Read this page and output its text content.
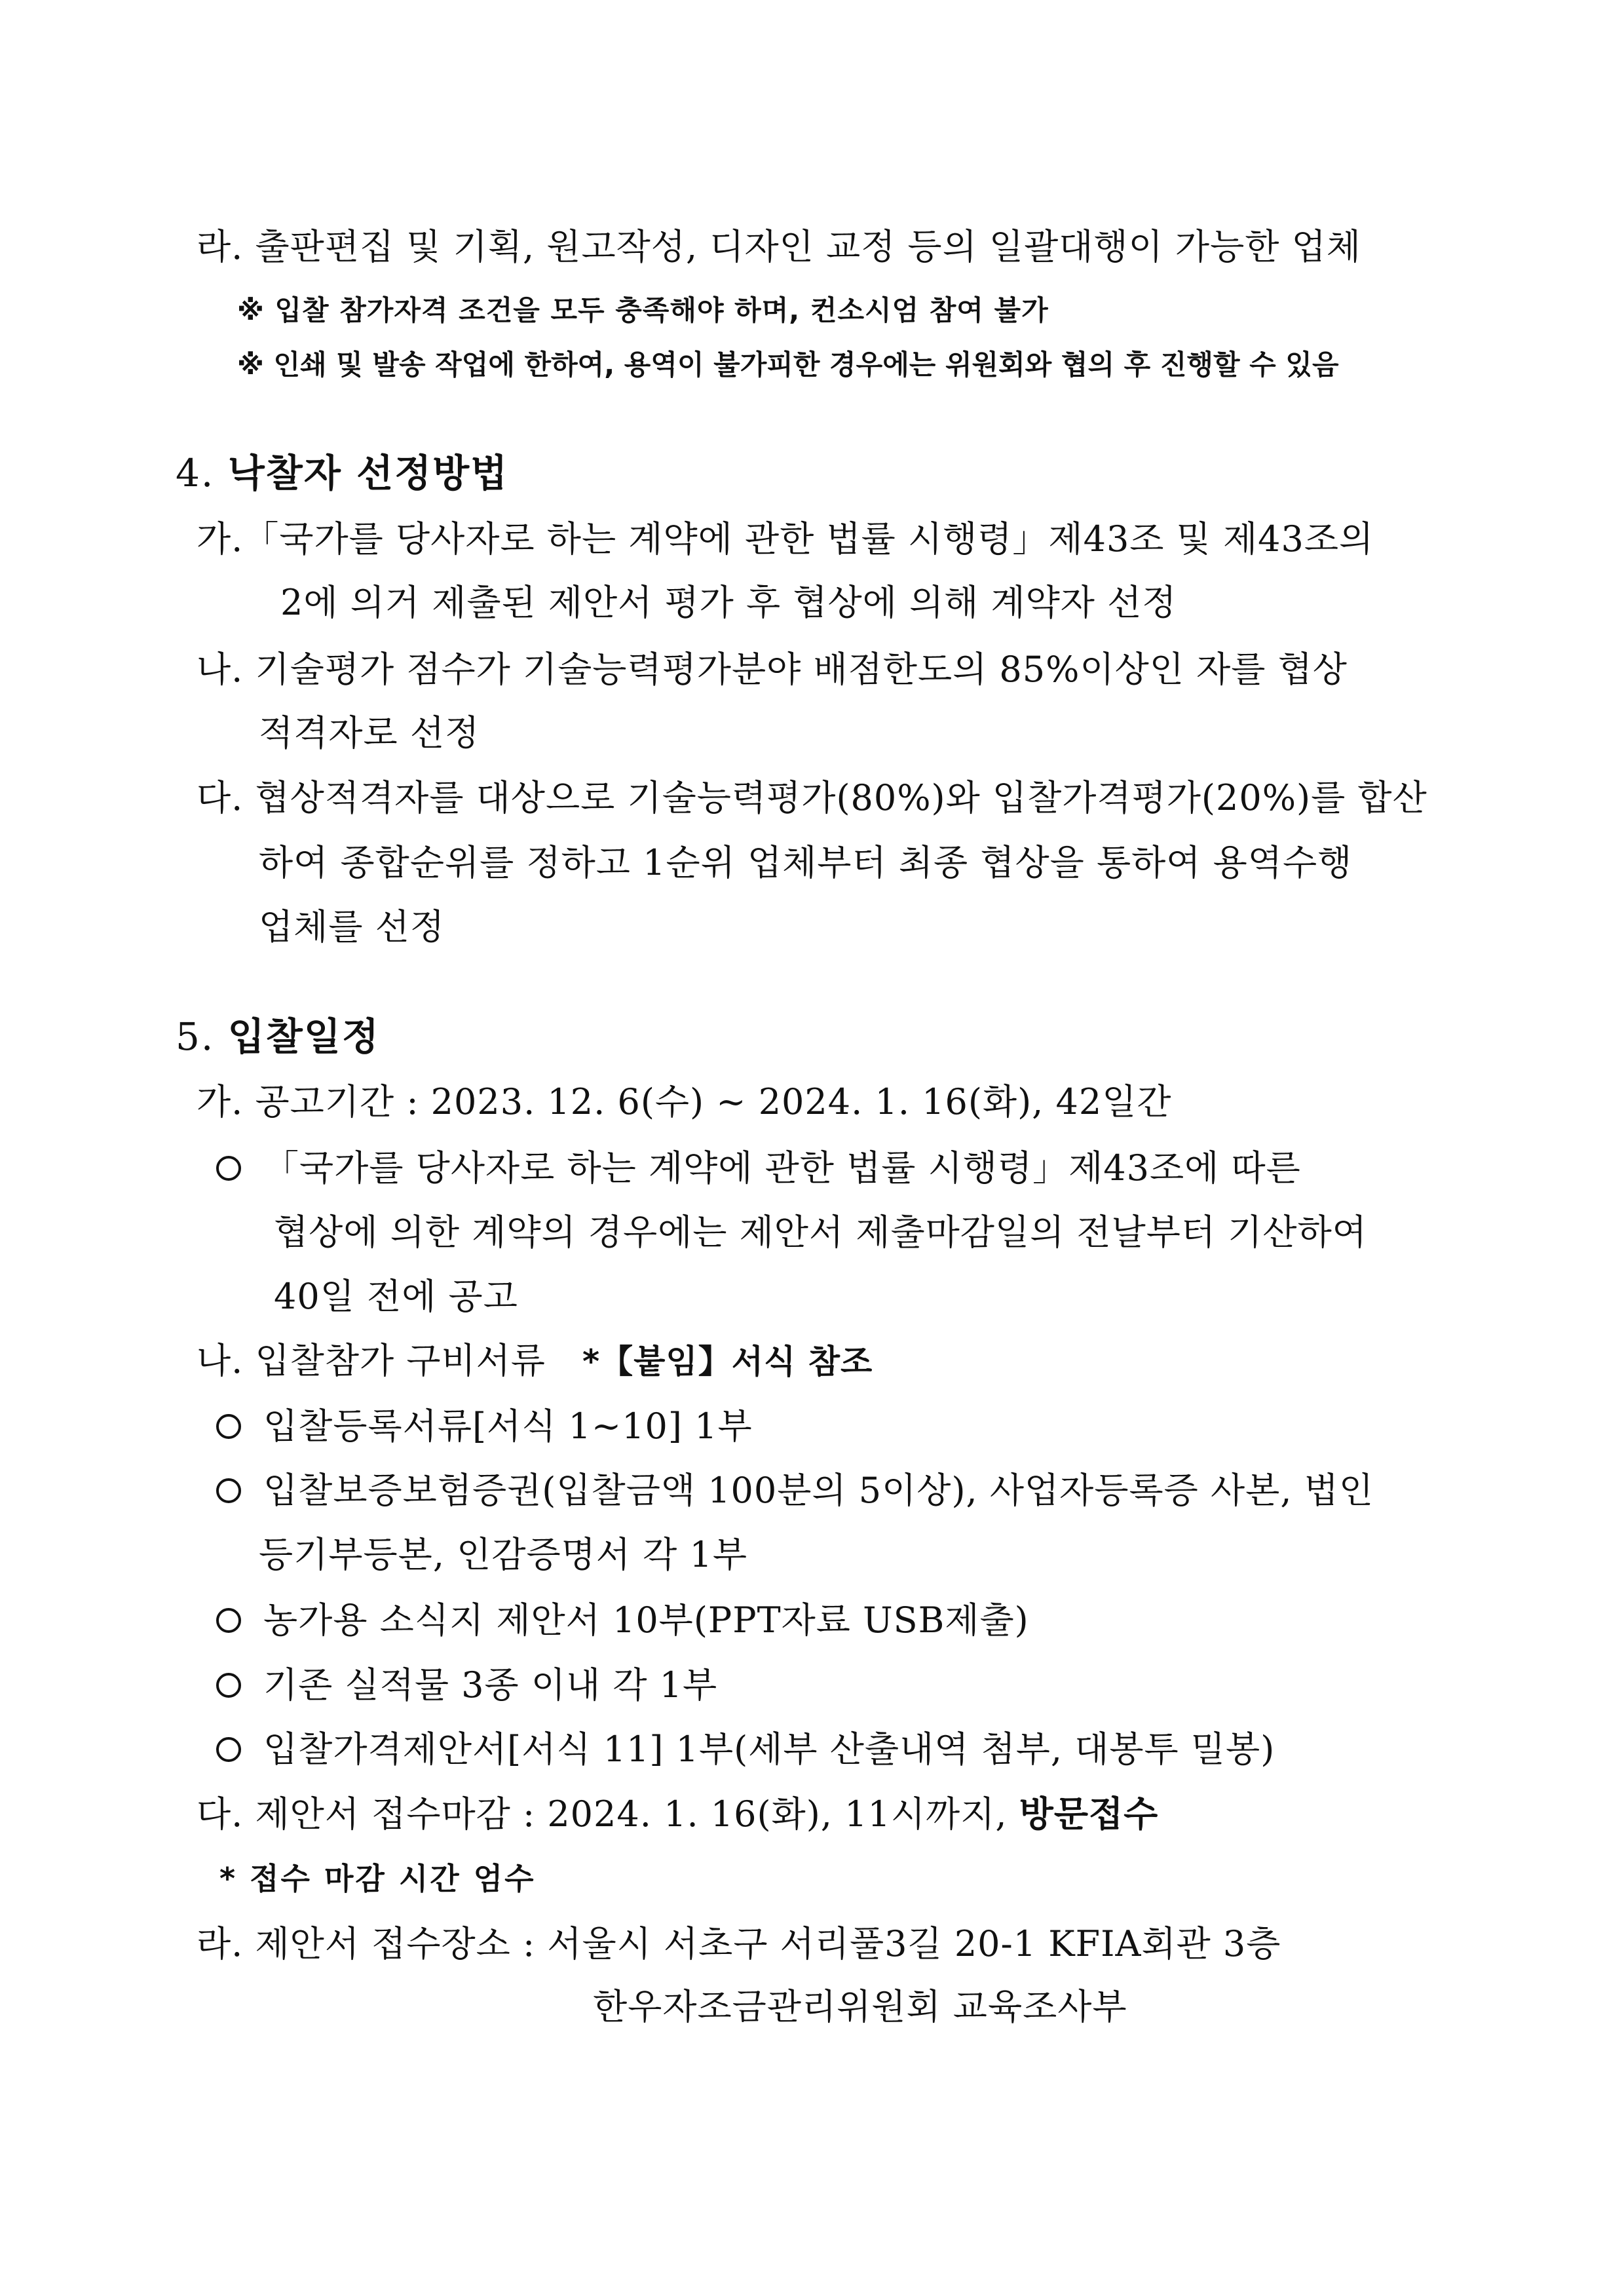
라. 출판편집 및 기획, 원고작성, 디자인 교정 등의 일괄대행이 가능한 업체
※ 입찰 참가자격 조건을 모두 충족해야 하며, 컨소시엄 참여 불가
※ 인쇄 및 발송 작업에 한하여, 용역이 불가피한 경우에는 위원회와 협의 후 진행할 수 있음
4. 낙찰자 선정방법
가.「국가를 당사자로 하는 계약에 관한 법률 시행령」제43조 및 제43조의
2에 의거 제출된 제안서 평가 후 협상에 의해 계약자 선정
나. 기술평가 점수가 기술능력평가분야 배점한도의 85%이상인 자를 협상
적격자로 선정
다. 협상적격자를 대상으로 기술능력평가(80%)와 입찰가격평가(20%)를 합산
하여 종합순위를 정하고 1순위 업체부터 최종 협상을 통하여 용역수행
업체를 선정
5. 입찰일정
가. 공고기간 : 2023. 12. 6(수) ~ 2024. 1. 16(화), 42일간
「국가를 당사자로 하는 계약에 관한 법률 시행령」제43조에 따른
협상에 의한 계약의 경우에는 제안서 제출마감일의 전날부터 기산하여
40일 전에 공고
나. 입찰참가 구비서류 *【붙임】서식 참조
입찰등록서류[서식 1~10] 1부
입찰보증보험증권(입찰금액 100분의 5이상), 사업자등록증 사본, 법인
등기부등본, 인감증명서 각 1부
농가용 소식지 제안서 10부(PPT자료 USB제출)
기존 실적물 3종 이내 각 1부
입찰가격제안서[서식 11] 1부(세부 산출내역 첨부, 대봉투 밀봉)
다. 제안서 접수마감 : 2024. 1. 16(화), 11시까지, 방문접수
* 접수 마감 시간 엄수
라. 제안서 접수장소 : 서울시 서초구 서리풀3길 20-1 KFIA회관 3층
한우자조금관리위원회 교육조사부
